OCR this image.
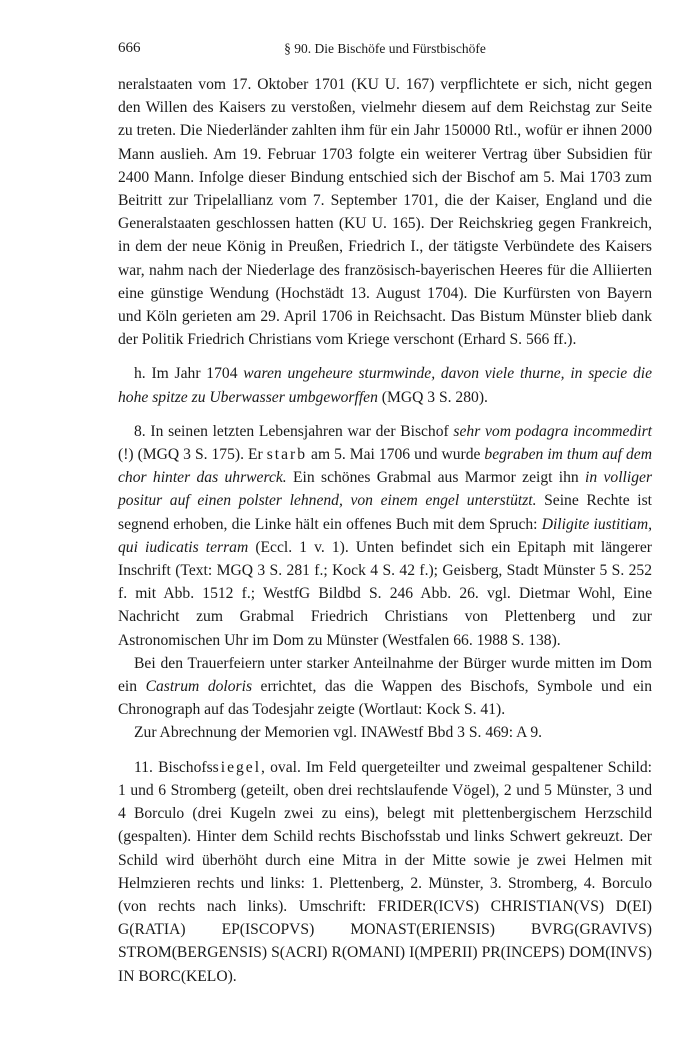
666	§ 90. Die Bischöfe und Fürstbischöfe

neralstaaten vom 17. Oktober 1701 (KU U. 167) verpflichtete er sich, nicht gegen den Willen des Kaisers zu verstoßen, vielmehr diesem auf dem Reichstag zur Seite zu treten. Die Niederländer zahlten ihm für ein Jahr 150000 Rtl., wofür er ihnen 2000 Mann auslieh. Am 19. Februar 1703 folgte ein weiterer Vertrag über Subsidien für 2400 Mann. Infolge dieser Bindung entschied sich der Bischof am 5. Mai 1703 zum Beitritt zur Tripelallianz vom 7. September 1701, die der Kaiser, England und die Generalstaaten geschlossen hatten (KU U. 165). Der Reichskrieg gegen Frankreich, in dem der neue König in Preußen, Friedrich I., der tätigste Verbündete des Kaisers war, nahm nach der Niederlage des französisch-bayerischen Heeres für die Alliierten eine günstige Wendung (Hochstädt 13. August 1704). Die Kurfürsten von Bayern und Köln gerieten am 29. April 1706 in Reichsacht. Das Bistum Münster blieb dank der Politik Friedrich Christians vom Kriege verschont (Erhard S. 566 ff.).

h. Im Jahr 1704 waren ungeheure sturmwinde, davon viele thurne, in specie die hohe spitze zu Uberwasser umbgeworffen (MGQ 3 S. 280).

8. In seinen letzten Lebensjahren war der Bischof sehr vom podagra incommedirt (!) (MGQ 3 S. 175). Er starb am 5. Mai 1706 und wurde begraben im thum auf dem chor hinter das uhrwerck. Ein schönes Grabmal aus Marmor zeigt ihn in volliger positur auf einen polster lehnend, von einem engel unterstützt. Seine Rechte ist segnend erhoben, die Linke hält ein offenes Buch mit dem Spruch: Diligite iustitiam, qui iudicatis terram (Eccl. 1 v. 1). Unten befindet sich ein Epitaph mit längerer Inschrift (Text: MGQ 3 S. 281 f.; Kock 4 S. 42 f.); Geisberg, Stadt Münster 5 S. 252 f. mit Abb. 1512 f.; WestfG Bildbd S. 246 Abb. 26. vgl. Dietmar Wohl, Eine Nachricht zum Grabmal Friedrich Christians von Plettenberg und zur Astronomischen Uhr im Dom zu Münster (Westfalen 66. 1988 S. 138).

Bei den Trauerfeiern unter starker Anteilnahme der Bürger wurde mitten im Dom ein Castrum doloris errichtet, das die Wappen des Bischofs, Symbole und ein Chronograph auf das Todesjahr zeigte (Wortlaut: Kock S. 41).

Zur Abrechnung der Memorien vgl. INAWestf Bbd 3 S. 469: A 9.

11. Bischofssiegel, oval. Im Feld quergeteilter und zweimal gespaltener Schild: 1 und 6 Stromberg (geteilt, oben drei rechtslaufende Vögel), 2 und 5 Münster, 3 und 4 Borculo (drei Kugeln zwei zu eins), belegt mit plettenbergischem Herzschild (gespalten). Hinter dem Schild rechts Bischofsstab und links Schwert gekreuzt. Der Schild wird überhöht durch eine Mitra in der Mitte sowie je zwei Helmen mit Helmzieren rechts und links: 1. Plettenberg, 2. Münster, 3. Stromberg, 4. Borculo (von rechts nach links). Umschrift: FRIDER(ICVS) CHRISTIAN(VS) D(EI) G(RATIA) EP(ISCOPVS) MONAST(ERIENSIS) BVRG(GRAVIVS) STROM(BERGENSIS) S(ACRI) R(OMANI) I(MPERII) PR(INCEPS) DOM(INVS) IN BORC(KELO).
